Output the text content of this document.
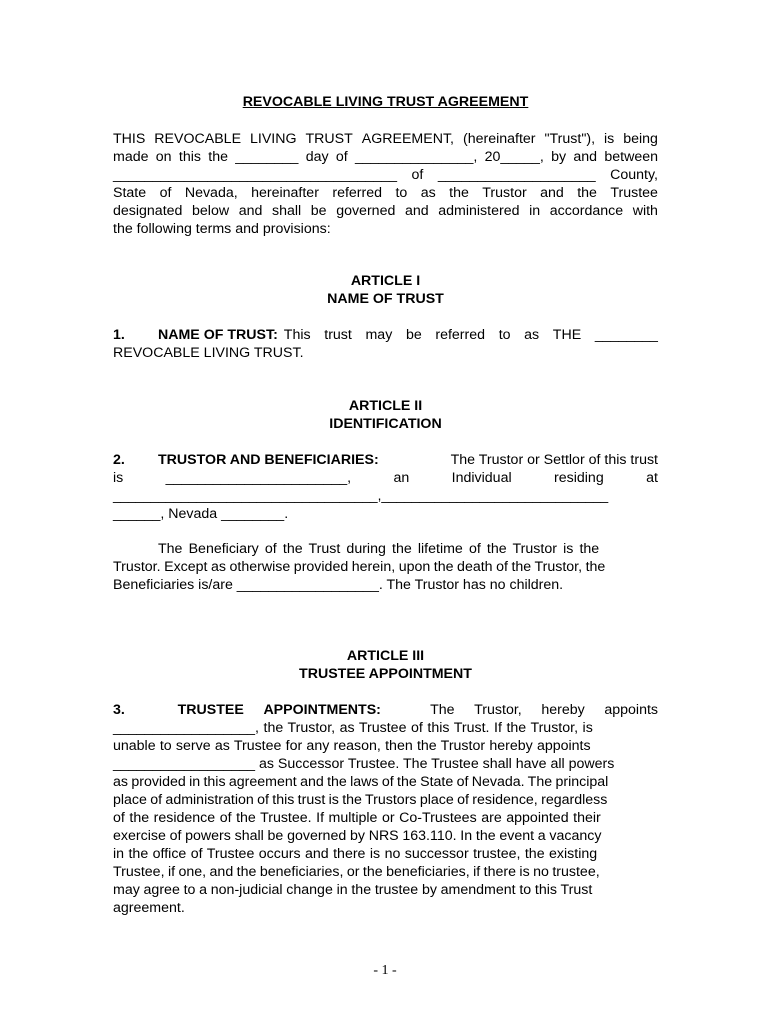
REVOCABLE LIVING TRUST AGREEMENT
THIS REVOCABLE LIVING TRUST AGREEMENT, (hereinafter "Trust"), is being
made on this the ________ day of _______________, 20_____, by and between
____________________________________ of ____________________ County,
State of Nevada, hereinafter referred to as the Trustor and the Trustee
designated below and shall be governed and administered in accordance with
the following terms and provisions:
ARTICLE I
NAME OF TRUST
1.	NAME OF TRUST: This trust may be referred to as THE ________
REVOCABLE LIVING TRUST.
ARTICLE II
IDENTIFICATION
2. TRUSTOR AND BENEFICIARIES:	The Trustor or Settlor of this trust
is	_______________________,	an	Individual	residing	at
___________________________________,______________________________
______, Nevada ________.
The Beneficiary of the Trust during the lifetime of the Trustor is the
Trustor. Except as otherwise provided herein, upon the death of the Trustor, the
Beneficiaries is/are __________________. The Trustor has no children.
ARTICLE III
TRUSTEE APPOINTMENT
3.	TRUSTEE APPOINTMENTS:	The Trustor, hereby appoints
__________________, the Trustor, as Trustee of this Trust. If the Trustor, is
unable to serve as Trustee for any reason, then the Trustor hereby appoints
__________________ as Successor Trustee. The Trustee shall have all powers
as provided in this agreement and the laws of the State of Nevada. The principal
place of administration of this trust is the Trustors place of residence, regardless
of the residence of the Trustee. If multiple or Co-Trustees are appointed their
exercise of powers shall be governed by NRS 163.110. In the event a vacancy
in the office of Trustee occurs and there is no successor trustee, the existing
Trustee, if one, and the beneficiaries, or the beneficiaries, if there is no trustee,
may agree to a non-judicial change in the trustee by amendment to this Trust
agreement.
- 1 -
